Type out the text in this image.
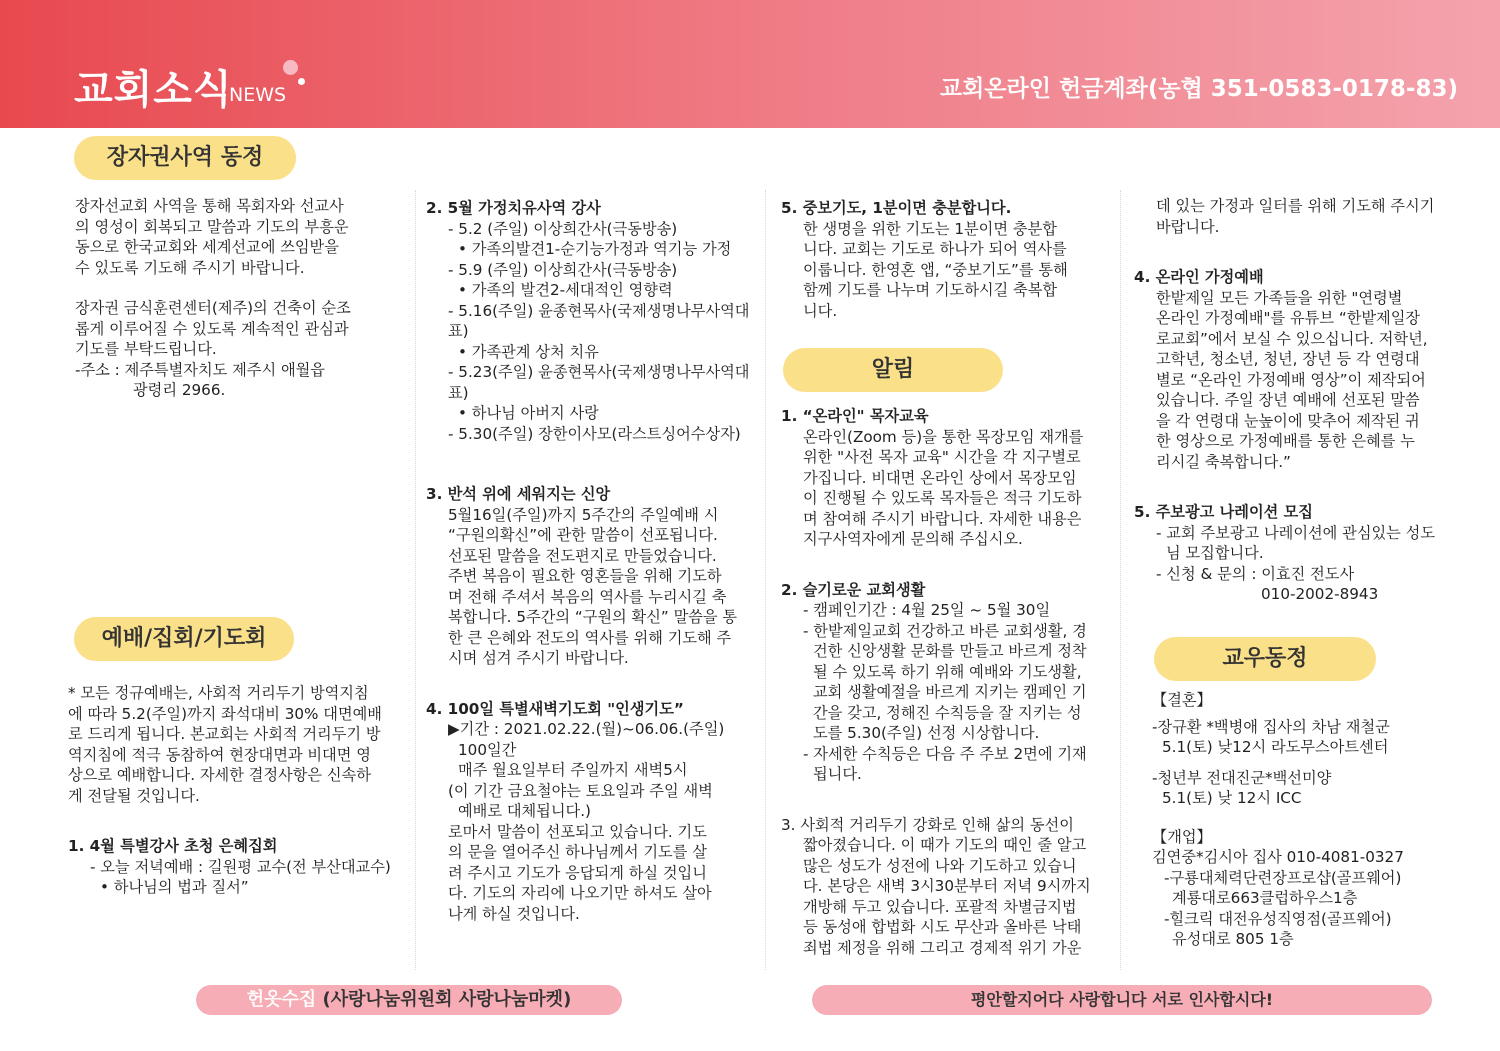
교회소식
NEWS	교회온라인 헌금계좌(농협 351-0583-0178-83)
장자권사역 동정
장자선교회 사역을 통해 목회자와 선교사
의 영성이 회복되고 말씀과 기도의 부흥운
동으로 한국교회와 세계선교에 쓰임받을
수 있도록 기도해 주시기 바랍니다.
장자권 금식훈련센터(제주)의 건축이 순조
롭게 이루어질 수 있도록 계속적인 관심과
기도를 부탁드립니다.
-주소 : 제주특별자치도 제주시 애월읍
광령리 2966.
예배/집회/기도회
* 모든 정규예배는, 사회적 거리두기 방역지침
에 따라 5.2(주일)까지 좌석대비 30% 대면예배
로 드리게 됩니다. 본교회는 사회적 거리두기 방
역지침에 적극 동참하여 현장대면과 비대면 영
상으로 예배합니다. 자세한 결정사항은 신속하
게 전달될 것입니다.
1. 4월 특별강사 초청 은혜집회
- 오늘 저녁예배 : 길원평 교수(전 부산대교수)
• 하나님의 법과 질서”
2. 5월 가정치유사역 강사
- 5.2 (주일) 이상희간사(극동방송)
• 가족의발견1-순기능가정과 역기능 가정
- 5.9 (주일) 이상희간사(극동방송)
• 가족의 발견2-세대적인 영향력
- 5.16(주일) 윤종현목사(국제생명나무사역대표)
• 가족관계 상처 치유
- 5.23(주일) 윤종현목사(국제생명나무사역대표)
• 하나님 아버지 사랑
- 5.30(주일) 장한이사모(라스트싱어수상자)
3. 반석 위에 세워지는 신앙
5월16일(주일)까지 5주간의 주일예배 시
“구원의확신”에 관한 말씀이 선포됩니다.
선포된 말씀을 전도편지로 만들었습니다.
주변 복음이 필요한 영혼들을 위해 기도하
며 전해 주셔서 복음의 역사를 누리시길 축
복합니다. 5주간의 “구원의 확신” 말씀을 통
한 큰 은혜와 전도의 역사를 위해 기도해 주
시며 섬겨 주시기 바랍니다.
4. 100일 특별새벽기도회 "인생기도”
▶기간 : 2021.02.22.(월)~06.06.(주일)
100일간
매주 월요일부터 주일까지 새벽5시
(이 기간 금요철야는 토요일과 주일 새벽
예배로 대체됩니다.)
로마서 말씀이 선포되고 있습니다. 기도
의 문을 열어주신 하나님께서 기도를 살
려 주시고 기도가 응답되게 하실 것입니
다. 기도의 자리에 나오기만 하셔도 살아
나게 하실 것입니다.
5. 중보기도, 1분이면 충분합니다.
한 생명을 위한 기도는 1분이면 충분합
니다. 교회는 기도로 하나가 되어 역사를
이룹니다. 한영혼 앱, “중보기도”를 통해
함께 기도를 나누며 기도하시길 축복합
니다.
알림
1. “온라인" 목자교육
온라인(Zoom 등)을 통한 목장모임 재개를
위한 "사전 목자 교육" 시간을 각 지구별로
가집니다. 비대면 온라인 상에서 목장모임
이 진행될 수 있도록 목자들은 적극 기도하
며 참여해 주시기 바랍니다. 자세한 내용은
지구사역자에게 문의해 주십시오.
2. 슬기로운 교회생활
- 캠페인기간 : 4월 25일 ~ 5월 30일
- 한밭제일교회 건강하고 바른 교회생활, 경
건한 신앙생활 문화를 만들고 바르게 정착
될 수 있도록 하기 위해 예배와 기도생활,
교회 생활예절을 바르게 지키는 캠페인 기
간을 갖고, 정해진 수칙등을 잘 지키는 성
도를 5.30(주일) 선정 시상합니다.
- 자세한 수칙등은 다음 주 주보 2면에 기재
됩니다.
3. 사회적 거리두기 강화로 인해 삶의 동선이
짧아졌습니다. 이 때가 기도의 때인 줄 알고
많은 성도가 성전에 나와 기도하고 있습니
다. 본당은 새벽 3시30분부터 저녁 9시까지
개방해 두고 있습니다. 포괄적 차별금지법
등 동성애 합법화 시도 무산과 올바른 낙태
죄법 제정을 위해 그리고 경제적 위기 가운
데 있는 가정과 일터를 위해 기도해 주시기
바랍니다.
4. 온라인 가정예배
한밭제일 모든 가족들을 위한 "연령별
온라인 가정예배"를 유튜브 “한밭제일장
로교회”에서 보실 수 있으십니다. 저학년,
고학년, 청소년, 청년, 장년 등 각 연령대
별로 “온라인 가정예배 영상”이 제작되어
있습니다. 주일 장년 예배에 선포된 말씀
을 각 연령대 눈높이에 맞추어 제작된 귀
한 영상으로 가정예배를 통한 은혜를 누
리시길 축복합니다.”
5. 주보광고 나레이션 모집
- 교회 주보광고 나레이션에 관심있는 성도
님 모집합니다.
- 신청 & 문의 : 이효진 전도사
010-2002-8943
교우동정
【결혼】
-장규환 *백병애 집사의 차남 재철군
5.1(토) 낮12시 라도무스아트센터
-청년부 전대진군*백선미양
5.1(토) 낮 12시 ICC
【개업】
김연중*김시아 집사 010-4081-0327
-구룡대체력단련장프로샵(골프웨어)
계룡대로663클럽하우스1층
-힐크릭 대전유성직영점(골프웨어)
유성대로 805 1층
헌옷수집 (사랑나눔위원회 사랑나눔마켓)	평안할지어다 사랑합니다 서로 인사합시다!
